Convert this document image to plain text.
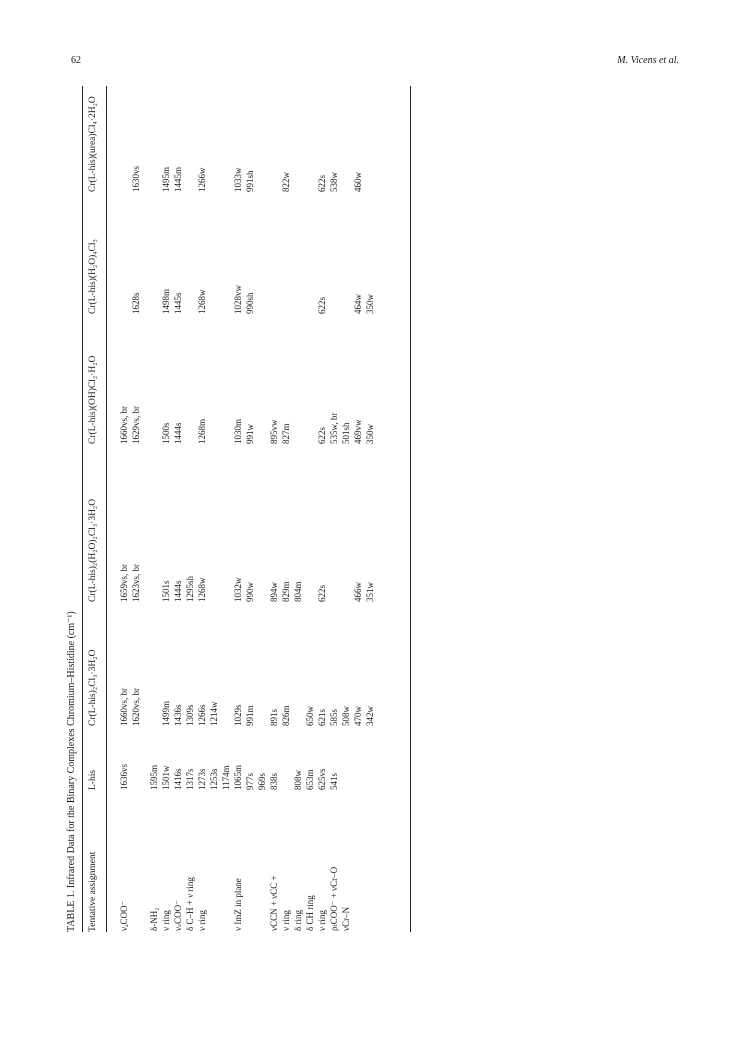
62	M. Vicens et al.
TABLE 1. Infrared Data for the Binary Complexes Chromium–Histidine (cm⁻¹) Tentative assignment
L-his
Cr(L-his)₂Cl₃·3H₂O
Cr(L-his)₂(H₂O)₂Cl₃·3H₂O
Cr(L-his)(OH)Cl₂·H₂O
Cr(L-his)(H₂O)₄Cl₃
Cr(L-his)(urea)Cl₄·2H₂O
νₐCOO⁻
1636vs
1660vs, br
1659vs, br
1660vs, br
1620vs, br
1623vs, br
1629vs, br
1628s
1630vs
δ-NH₂
1595m
ν ring
1501w
1499m
1501s
1500s
1498m
1495m
νₛCOO⁻
1416s
1436s
1444s
1444s
1445s
1445m
δ C–H + ν ring
1317s
1309s
1295sh
ν ring
1273s
1266s
1268w
1268m
1268w
1266w
1253s
1214w
1174m
ν ImZ in plane
1065m
1029s
1032w
1030m
1028vw
1033w
977s
991m
990w
991w
990sh
991sh
969s
νCCN + νCC +
838s
891s
894w
895vw
ν ring
826m
829m
827m
822w
δ ring
808w
804m
δ CH ring
653m
650w
ν ring
625vs
621s
622s
622s
622s
622s
ρₜCOO⁻ + νCr–O
541s
585s
535w, br
538w
νCr–N
508w
501sh
470w
466w
469vw
464w
460w
342w
351w
350w
350w
